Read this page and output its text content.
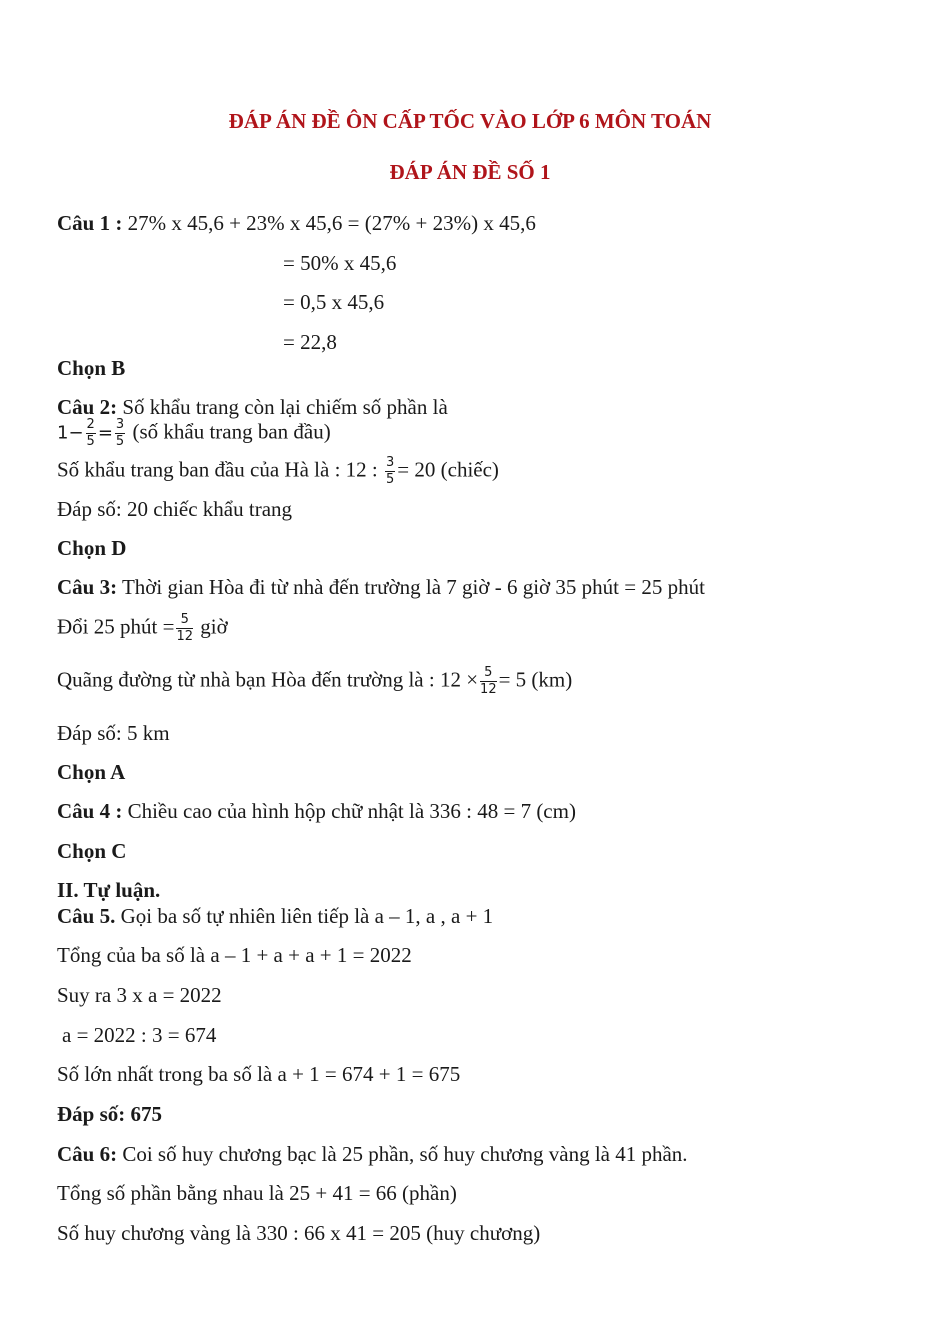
ĐÁP ÁN ĐỀ ÔN CẤP TỐC VÀO LỚP 6 MÔN TOÁN
ĐÁP ÁN ĐỀ SỐ 1
Câu 1 : 27% x 45,6 + 23% x 45,6 = (27% + 23%) x 45,6
= 50% x 45,6
= 0,5 x 45,6
= 22,8
Chọn B
Câu 2: Số khẩu trang còn lại chiếm số phần là
$1- \frac{2}{5} = \frac{3}{5}$ (số khẩu trang ban đầu)
Số khẩu trang ban đầu của Hà là : 12 : $\frac{3}{5} = 20$ (chiếc)
Đáp số: 20 chiếc khẩu trang
Chọn D
Câu 3: Thời gian Hòa đi từ nhà đến trường là 7 giờ - 6 giờ 35 phút = 25 phút
Đổi 25 phút = $\frac{5}{12}$ giờ
Quãng đường từ nhà bạn Hòa đến trường là : $12 \times \frac{5}{12} = 5$ (km)
Đáp số: 5 km
Chọn A
Câu 4 : Chiều cao của hình hộp chữ nhật là 336 : 48 = 7 (cm)
Chọn C
II. Tự luận.
Câu 5. Gọi ba số tự nhiên liên tiếp là a – 1, a , a + 1
Tổng của ba số là a – 1 + a + a + 1 = 2022
Suy ra 3 x a = 2022
a = 2022 : 3 = 674
Số lớn nhất trong ba số là a + 1 = 674 + 1 = 675
Đáp số: 675
Câu 6: Coi số huy chương bạc là 25 phần, số huy chương vàng là 41 phần.
Tổng số phần bằng nhau là 25 + 41 = 66 (phần)
Số huy chương vàng là 330 : 66 x 41 = 205 (huy chương)
